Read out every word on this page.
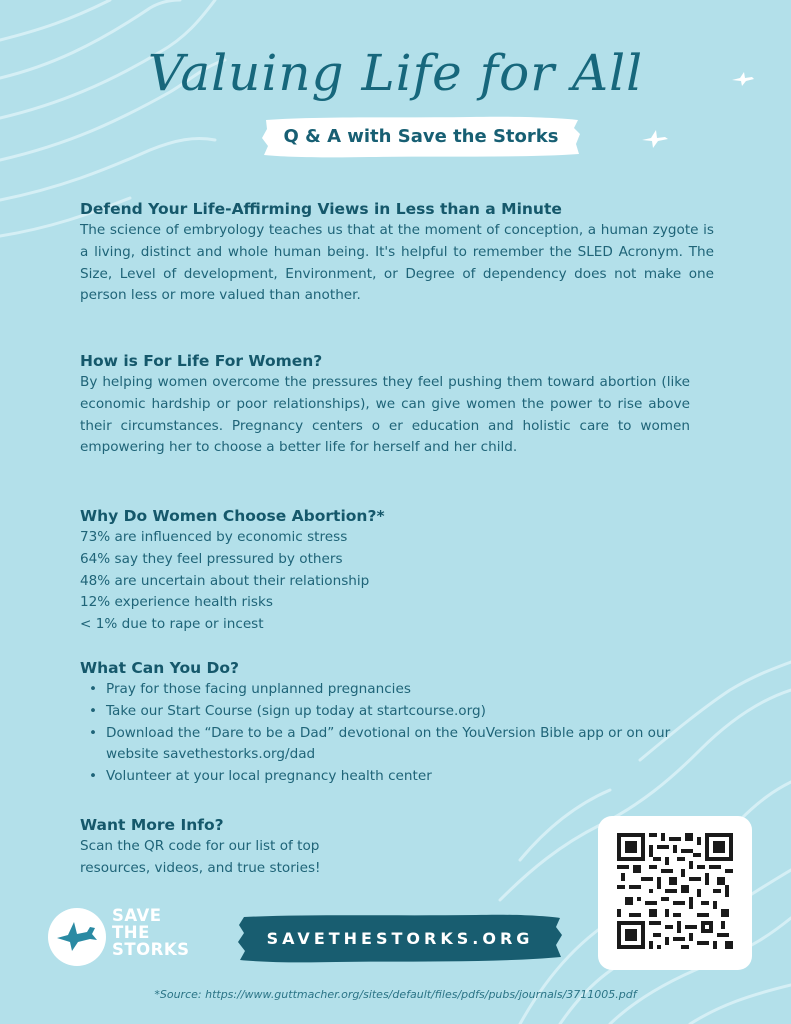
Valuing Life for All
Q & A with Save the Storks
Defend Your Life-Affirming Views in Less than a Minute

The science of embryology teaches us that at the moment of conception, a human zygote is a living, distinct and whole human being. It's helpful to remember the SLED Acronym. The Size, Level of development, Environment, or Degree of dependency does not make one person less or more valued than another.

How is For Life For Women?

By helping women overcome the pressures they feel pushing them toward abortion (like economic hardship or poor relationships), we can give women the power to rise above their circumstances. Pregnancy centers o er education and holistic care to women empowering her to choose a better life for herself and her child.

Why Do Women Choose Abortion?*

73% are influenced by economic stress

64% say they feel pressured by others

48% are uncertain about their relationship

12% experience health risks

< 1% due to rape or incest

What Can You Do?
• Pray for those facing unplanned pregnancies
• Take our Start Course (sign up today at startcourse.org)
• Download the “Dare to be a Dad” devotional on the YouVersion Bible app or on our website savethestorks.org/dad
• Volunteer at your local pregnancy health center
Want More Info?

Scan the QR code for our list of top

resources, videos, and true stories!

SAVE
THE
STORKS
SAVETHESTORKS.ORG

*Source: https://www.guttmacher.org/sites/default/files/pdfs/pubs/journals/3711005.pdf
